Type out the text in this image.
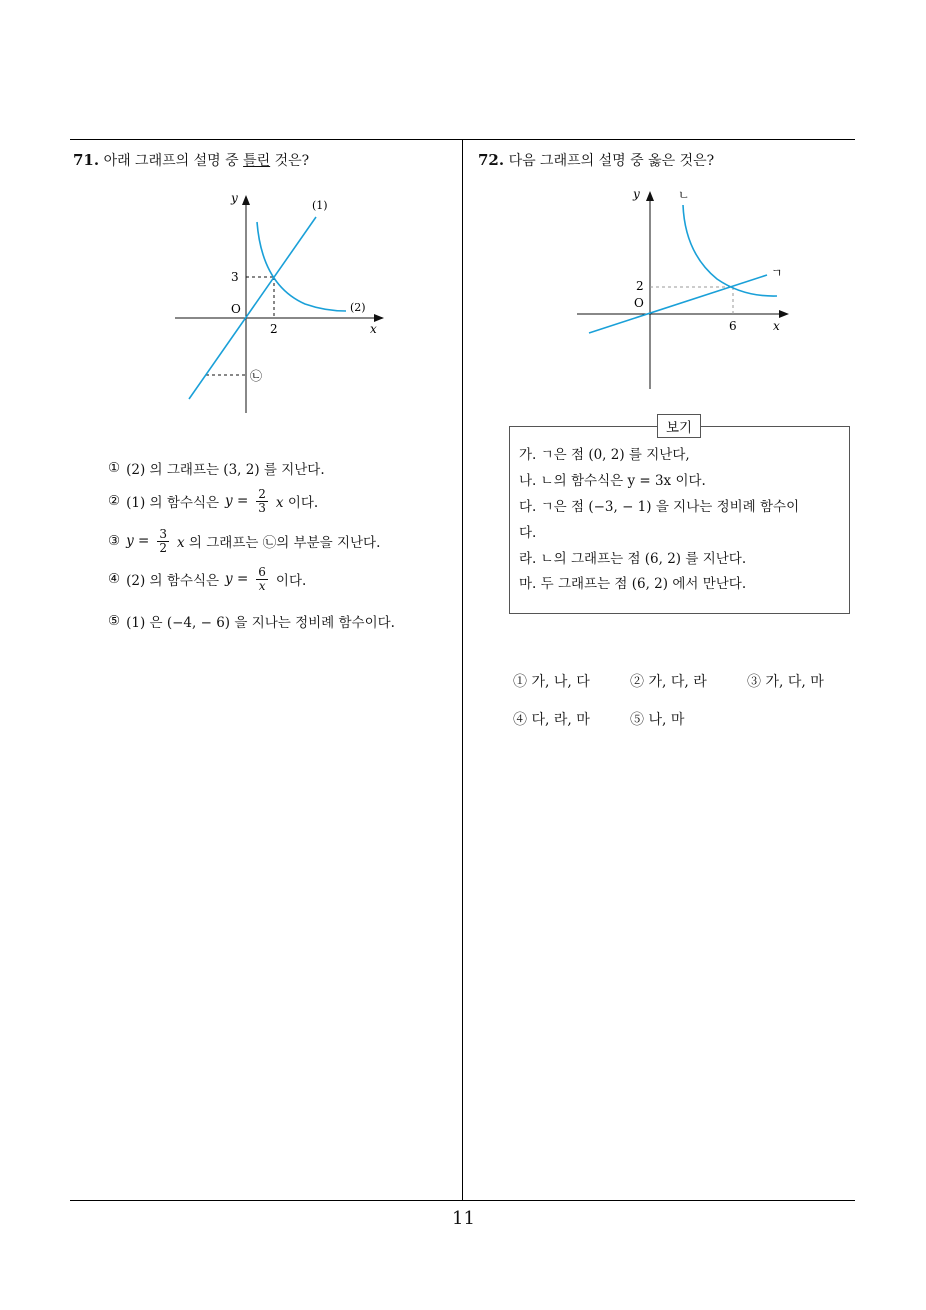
71. 아래 그래프의 설명 중 틀린 것은?
y
x
O
3
2
(1)
(2)
㉡
① (2) 의 그래프는 (3, 2) 를 지난다.
② (1) 의 함수식은 $y = \frac{2}{3}$ x 이다.
③ $y = \frac{3}{2}$ x 의 그래프는 ㉡의 부분을 지난다.
④ (2) 의 함수식은 $y = \frac{6}{x}$ 이다.
⑤ (1) 은 (−4, − 6) 을 지나는 정비례 함수이다.
72. 다음 그래프의 설명 중 옳은 것은?
y
x
O
2
6
ㄱ
ㄴ
보기
가. ㄱ은 점 (0, 2) 를 지난다,
나. ㄴ의 함수식은 y = 3x 이다.
다. ㄱ은 점 (−3, − 1) 을 지나는 정비례 함수이
다.
라. ㄴ의 그래프는 점 (6, 2) 를 지난다.
마. 두 그래프는 점 (6, 2) 에서 만난다.
① 가, 나, 다	② 가, 다, 라	③ 가, 다, 마
④ 다, 라, 마	⑤ 나, 마
11
